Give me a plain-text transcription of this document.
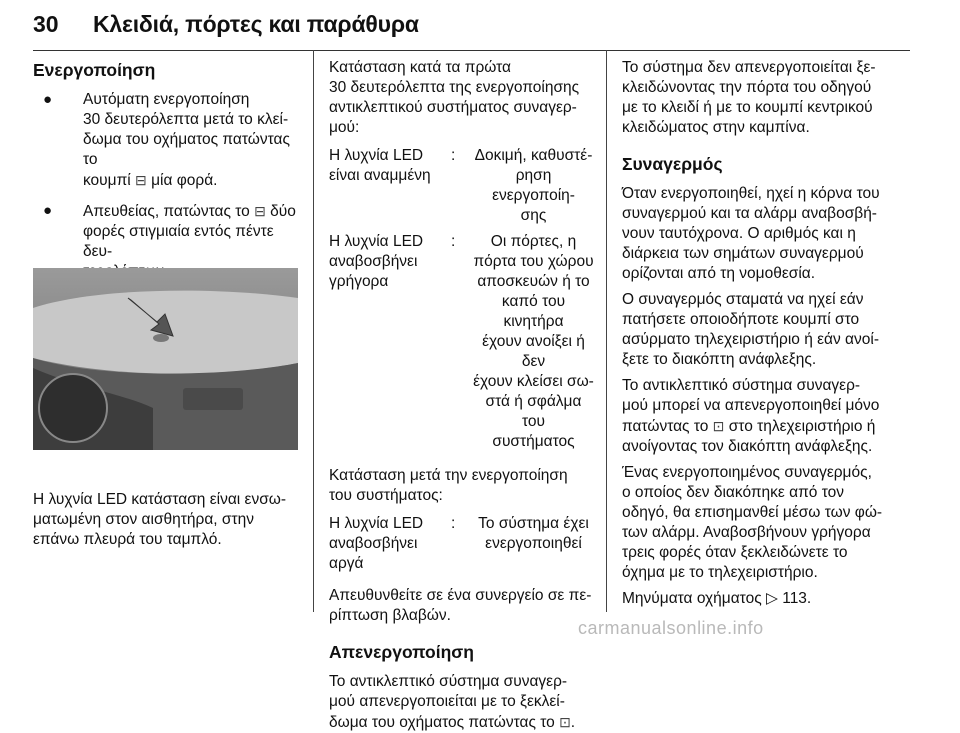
30 Κλειδιά, πόρτες και παράθυρα
Ενεργοποίηση
● Αυτόματη ενεργοποίηση

30 δευτερόλεπτα μετά το κλεί-

δωμα του οχήματος πατώντας το

κουμπί ⊟ μία φορά.

● Απευθείας, πατώντας το ⊟ δύο

φορές στιγμιαία εντός πέντε δευ-

Η λυχνία LED κατάσταση είναι ενσω-

ματωμένη στον αισθητήρα, στην

επάνω πλευρά του ταμπλό.

Κατάσταση κατά τα πρώτα

30 δευτερόλεπτα της ενεργοποίησης

αντικλεπτικού συστήματος συναγερ-

μού:

Η λυχνία LED

είναι αναμμένη

:	Δοκιμή, καθυστέ-

ρηση ενεργοποίη-

σης

Η λυχνία LED

αναβοσβήνει

γρήγορα

:	Οι πόρτες, η

πόρτα του χώρου

αποσκευών ή το

καπό του κινητήρα

έχουν ανοίξει ή δεν

έχουν κλείσει σω-

στά ή σφάλμα του

συστήματος

Κατάσταση μετά την ενεργοποίηση

του συστήματος:

Η λυχνία LED

αναβοσβήνει

αργά

:	Το σύστημα έχει

ενεργοποιηθεί

Απευθυνθείτε σε ένα συνεργείο σε πε-

ρίπτωση βλαβών.

Απενεργοποίηση

Το αντικλεπτικό σύστημα συναγερ-

μού απενεργοποιείται με το ξεκλεί-

δωμα του οχήματος πατώντας το ⊡.

Το σύστημα δεν απενεργοποιείται ξε-

κλειδώνοντας την πόρτα του οδηγού

με το κλειδί ή με το κουμπί κεντρικού

κλειδώματος στην καμπίνα.

Συναγερμός

Όταν ενεργοποιηθεί, ηχεί η κόρνα του

συναγερμού και τα αλάρμ αναβοσβή-

νουν ταυτόχρονα. Ο αριθμός και η

διάρκεια των σημάτων συναγερμού

ορίζονται από τη νομοθεσία.

Ο συναγερμός σταματά να ηχεί εάν

πατήσετε οποιοδήποτε κουμπί στο

ασύρματο τηλεχειριστήριο ή εάν ανοί-

ξετε το διακόπτη ανάφλεξης.

Το αντικλεπτικό σύστημα συναγερ-

μού μπορεί να απενεργοποιηθεί μόνο

πατώντας το ⊡ στο τηλεχειριστήριο ή

ανοίγοντας τον διακόπτη ανάφλεξης.

Ένας ενεργοποιημένος συναγερμός,

ο οποίος δεν διακόπηκε από τον

οδηγό, θα επισημανθεί μέσω των φώ-

των αλάρμ. Αναβοσβήνουν γρήγορα

τρεις φορές όταν ξεκλειδώνετε το

όχημα με το τηλεχειριστήριο.

Μηνύματα οχήματος ▷ 113.

carmanualsonline.info
